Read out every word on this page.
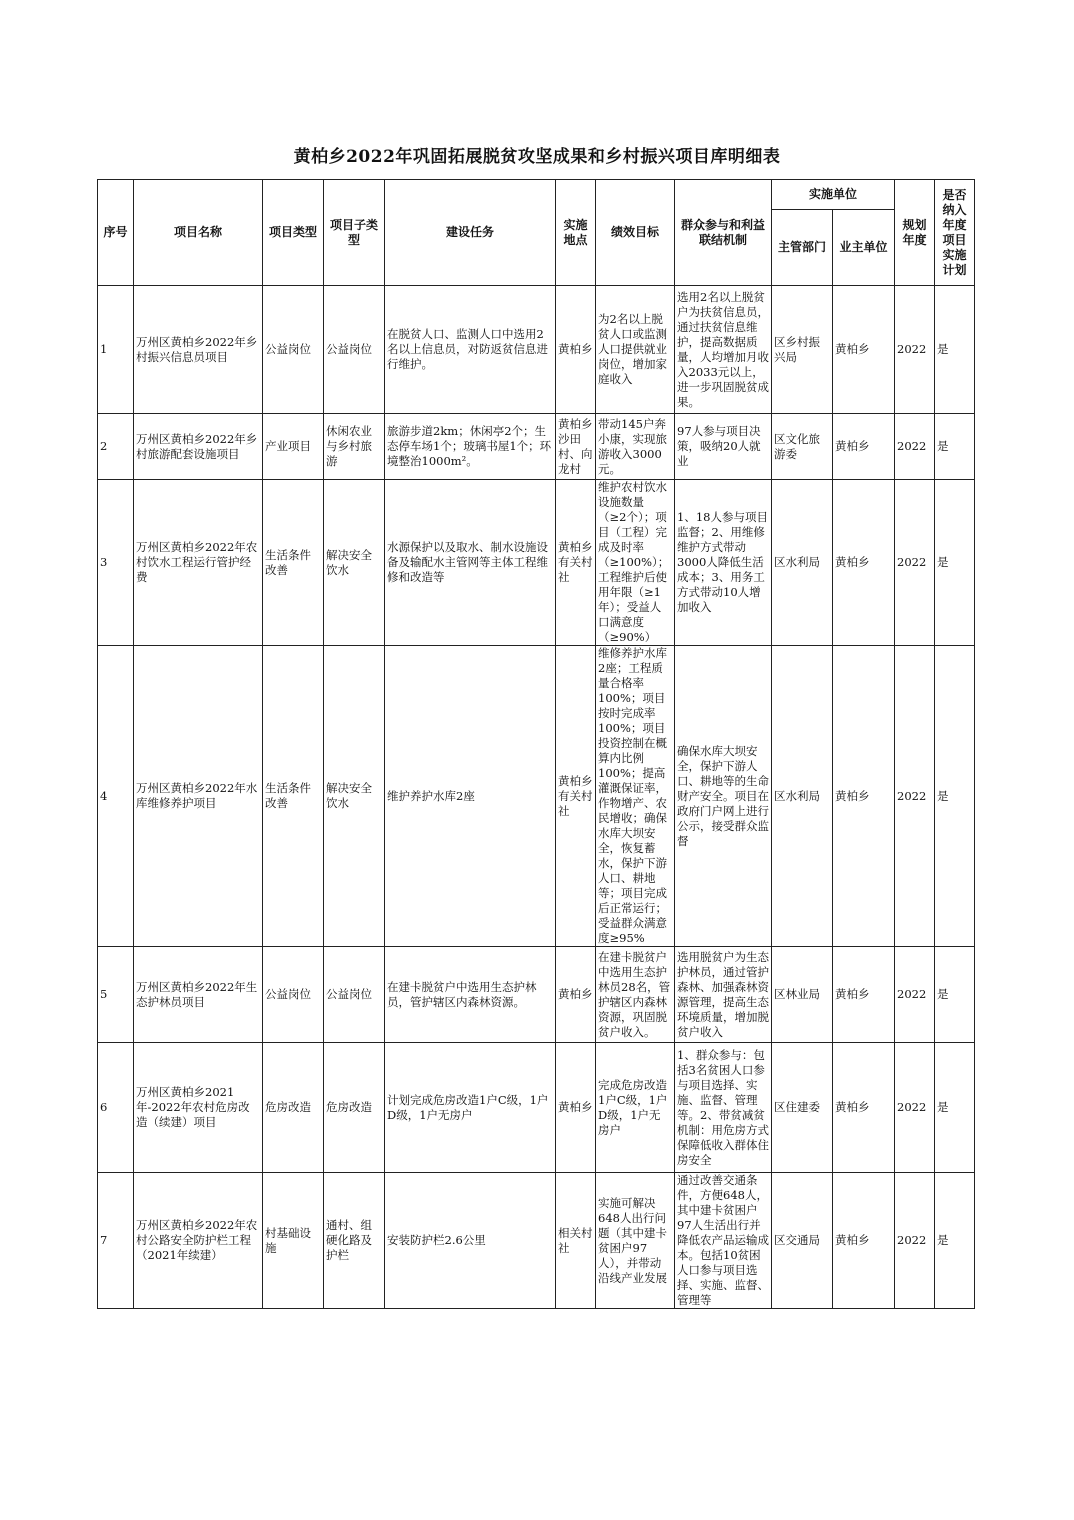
黄柏乡2022年巩固拓展脱贫攻坚成果和乡村振兴项目库明细表
序号	项目名称	项目类型	项目子类型	建设任务	实施地点	绩效目标	群众参与和利益联结机制	实施单位		规划年度	是否纳入年度项目实施计划
								主管部门	业主单位		
1	万州区黄柏乡2022年乡村振兴信息员项目	公益岗位	公益岗位	在脱贫人口、监测人口中选用2名以上信息员，对防返贫信息进行维护。	黄柏乡	为2名以上脱贫人口或监测人口提供就业岗位，增加家庭收入	选用2名以上脱贫户为扶贫信息员，通过扶贫信息维护，提高数据质量，人均增加月收入2033元以上，进一步巩固脱贫成果。	区乡村振兴局	黄柏乡	2022	是
2	万州区黄柏乡2022年乡村旅游配套设施项目	产业项目	休闲农业与乡村旅游	旅游步道2km；休闲亭2个；生态停车场1个；玻璃书屋1个；环境整治1000m²。	黄柏乡沙田村、向龙村	带动145户奔小康，实现旅游收入3000元。	97人参与项目决策，吸纳20人就业	区文化旅游委	黄柏乡	2022	是
3	万州区黄柏乡2022年农村饮水工程运行管护经费	生活条件改善	解决安全饮水	水源保护以及取水、制水设施设备及输配水主管网等主体工程维修和改造等	黄柏乡有关村社	维护农村饮水设施数量（≥2个）；项目（工程）完成及时率（≥100%）；工程维护后使用年限（≥1年）；受益人口满意度（≥90%）	1、18人参与项目监督；2、用维修维护方式带动3000人降低生活成本；3、用务工方式带动10人增加收入	区水利局	黄柏乡	2022	是
4	万州区黄柏乡2022年水库维修养护项目	生活条件改善	解决安全饮水	维护养护水库2座	黄柏乡有关村社	维修养护水库2座；工程质量合格率100%；项目按时完成率100%；项目投资控制在概算内比例100%；提高灌溉保证率，作物增产、农民增收；确保水库大坝安全，恢复蓄水，保护下游人口、耕地等；项目完成后正常运行；受益群众满意度≥95%	确保水库大坝安全，保护下游人口、耕地等的生命财产安全。项目在政府门户网上进行公示，接受群众监督	区水利局	黄柏乡	2022	是
5	万州区黄柏乡2022年生态护林员项目	公益岗位	公益岗位	在建卡脱贫户中选用生态护林员，管护辖区内森林资源。	黄柏乡	在建卡脱贫户中选用生态护林员28名，管护辖区内森林资源，巩固脱贫户收入。	选用脱贫户为生态护林员，通过管护森林、加强森林资源管理，提高生态环境质量，增加脱贫户收入	区林业局	黄柏乡	2022	是
6	万州区黄柏乡2021年-2022年农村危房改造（续建）项目	危房改造	危房改造	计划完成危房改造1户C级，1户D级，1户无房户	黄柏乡	完成危房改造1户C级，1户D级，1户无房户	1、群众参与：包括3名贫困人口参与项目选择、实施、监督、管理等。2、带贫减贫机制：用危房方式保障低收入群体住房安全	区住建委	黄柏乡	2022	是
7	万州区黄柏乡2022年农村公路安全防护栏工程（2021年续建）	村基础设施	通村、组硬化路及护栏	安装防护栏2.6公里	相关村社	实施可解决648人出行问题（其中建卡贫困户97人），并带动沿线产业发展	通过改善交通条件，方便648人，其中建卡贫困户97人生活出行并降低农产品运输成本。包括10贫困人口参与项目选择、实施、监督、管理等	区交通局	黄柏乡	2022	是
